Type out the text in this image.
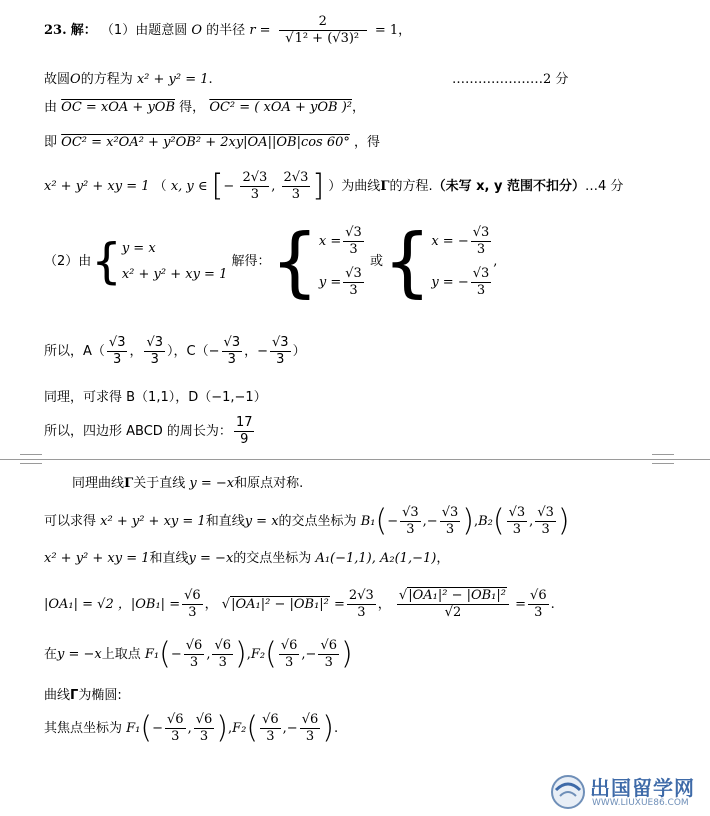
23. 解： （1）由题意圆 O 的半径 $r = \frac{2}{\text{√1² + (√3)²}} = 1$，
故圆O的方程为 x² + y² = 1.	…………………2 分
由 OC = xOA + yOB 得， OC² = ( xOA + yOB )²，
即 OC² = x²OA² + y²OB² + 2xy|OA||OB|cos 60° ，得
x² + y² + xy = 1 （ x, y ∈ [− $\frac{2√3}{3}$ , $\frac{2√3}{3}$ ] ）为曲线Γ的方程.（未写 x, y 范围不扣分）…4 分
（2）由{ y = x
x² + y² + xy = 1
解得：{ $x = \frac{√3}{3}$
$y = \frac{√3}{3}$
或{ x = − $\frac{√3}{3}$
y = − $\frac{√3}{3}$
,
所以，$A( \frac{√3}{3}$ ， $\frac{√3}{3}$ ），$C(- \frac{√3}{3}$ ，− $\frac{√3}{3}$ ）
同理，可求得 B（1,1），D（−1,−1）
所以，四边形 ABCD 的周长为： $\frac{17}{9}$
同理曲线Γ关于直线 y = −x和原点对称.
可以求得 x² + y² + xy = 1和直线y = x的交点坐标为 $B_1(- \frac{√3}{3}$ ,− $\frac{√3}{3} ),B_2( \frac{√3}{3}$ , $\frac{√3}{3}$ )
x² + y² + xy = 1和直线y = −x的交点坐标为 A₁(−1,1), A₂(1,−1)，
|OA₁| = √2 ，$|OB_1| = \frac{√6}{3}$ ， $√|OA_1|^2 - |OB_1|^2 = \frac{2√3}{3}$ ， $\frac{\text{√|OA₁|² − |OB₁|²}}{√2} = \frac{√6}{3}$ .
在y = −x上取点 $F_1(- \frac{√6}{3}$ , $\frac{√6}{3} ),F_2( \frac{√6}{3}$ ,− $\frac{√6}{3}$ )
曲线Γ为椭圆:
其焦点坐标为 $F_1(- \frac{√6}{3}$ , $\frac{√6}{3} ),F_2( \frac{√6}{3}$ ,− $\frac{√6}{3}$ ).
出国留学网
WWW.LIUXUE86.COM
